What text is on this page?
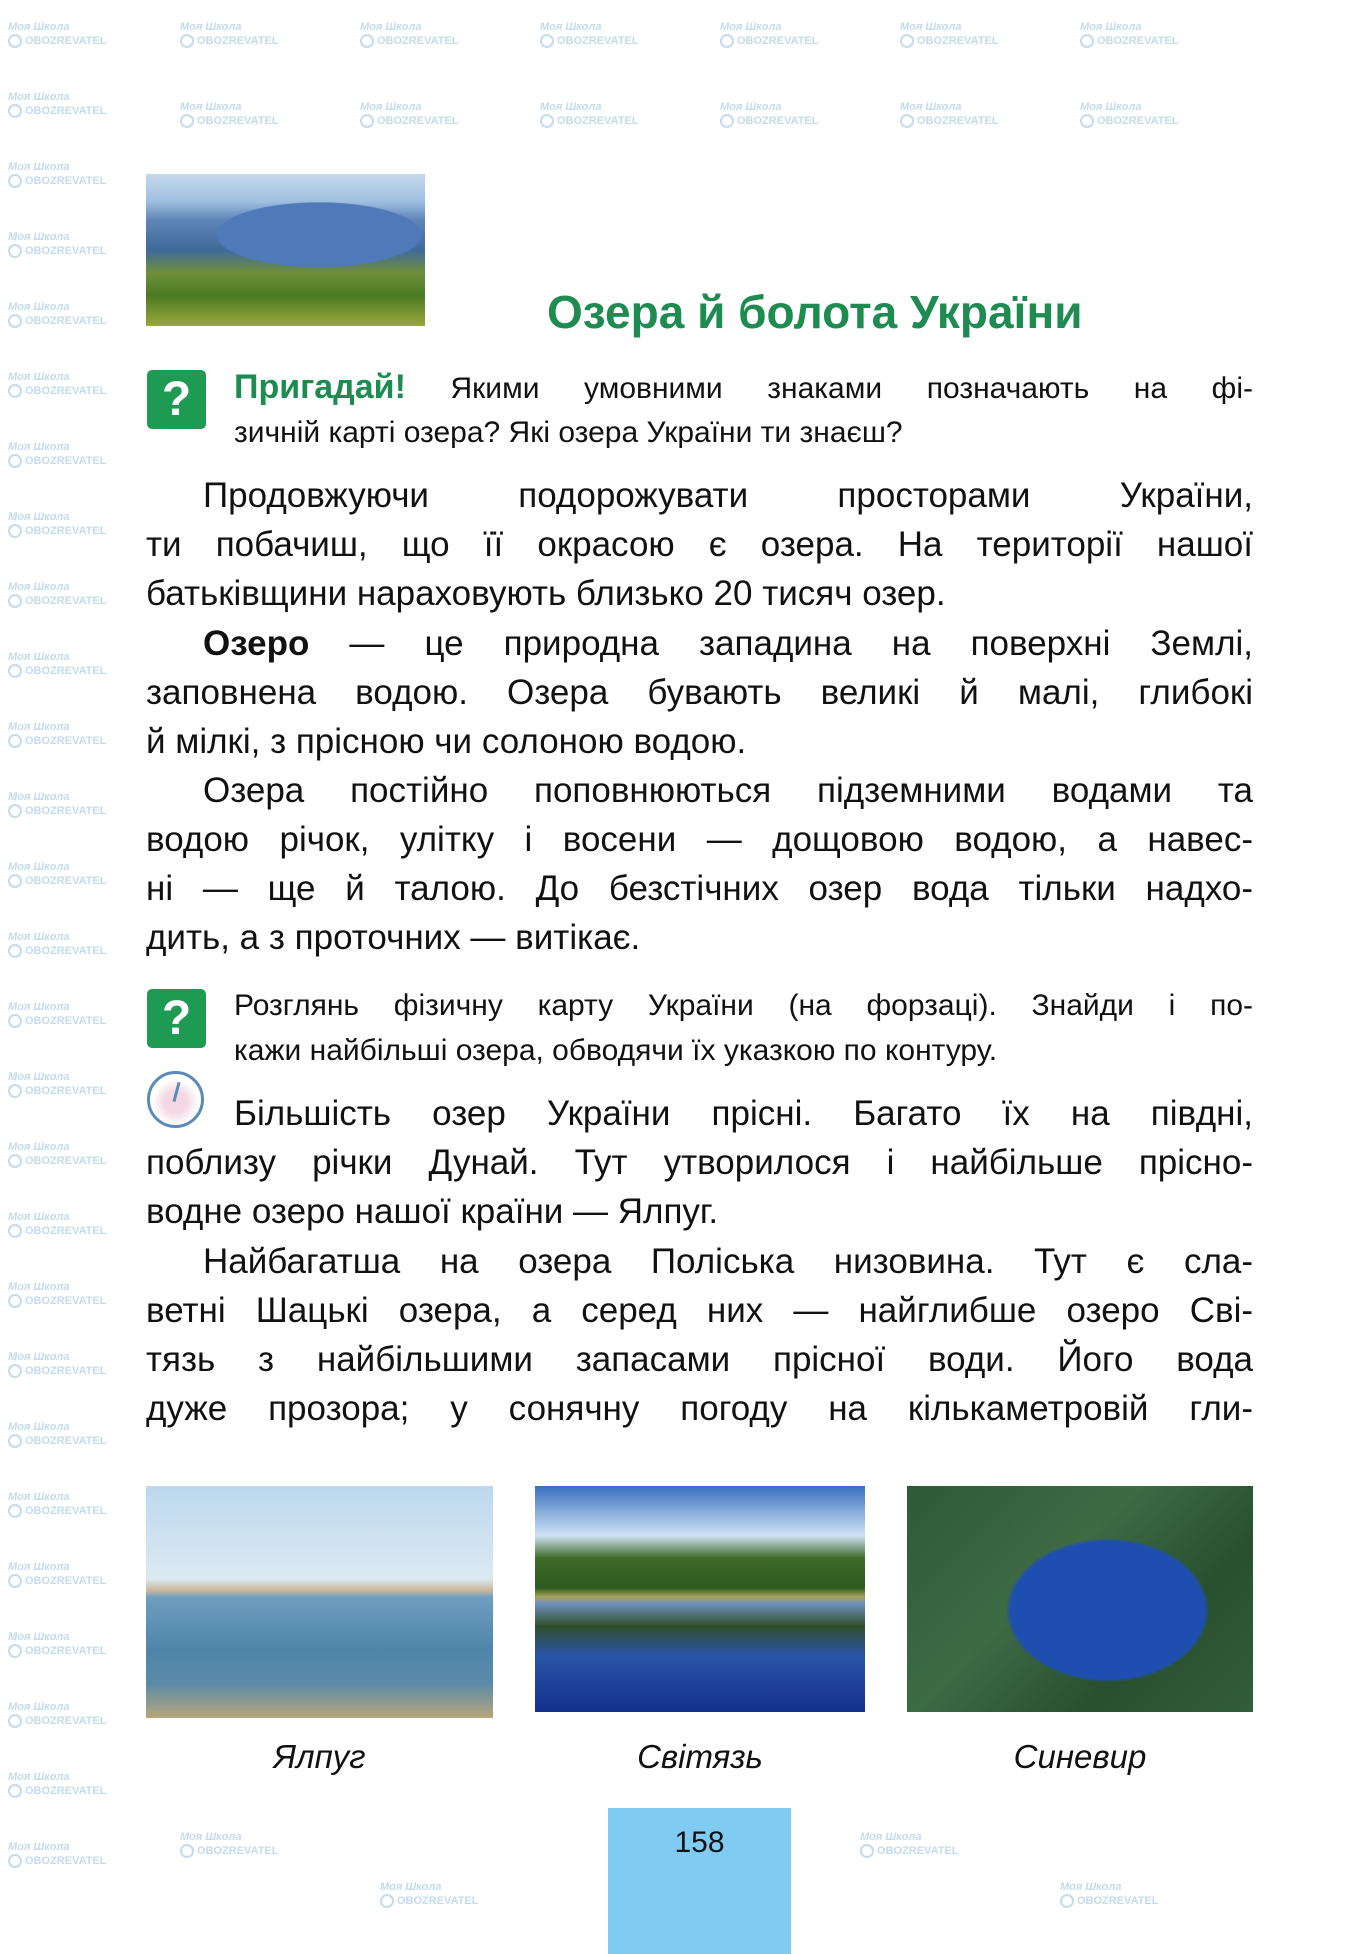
Моя Школа
OBOZREVATEL
Моя Школа
OBOZREVATEL
Моя Школа
OBOZREVATEL
Моя Школа
OBOZREVATEL
Моя Школа
OBOZREVATEL
Моя Школа
OBOZREVATEL
Моя Школа
OBOZREVATEL
Моя Школа
OBOZREVATEL
Моя Школа
OBOZREVATEL
Моя Школа
OBOZREVATEL
Моя Школа
OBOZREVATEL
Моя Школа
OBOZREVATEL
Моя Школа
OBOZREVATEL
Моя Школа
OBOZREVATEL
Моя Школа
OBOZREVATEL
Моя Школа
OBOZREVATEL
Моя Школа
OBOZREVATEL
Моя Школа
OBOZREVATEL
Моя Школа
OBOZREVATEL
Моя Школа
OBOZREVATEL
Моя Школа
OBOZREVATEL
Моя Школа
OBOZREVATEL
Моя Школа
OBOZREVATEL
Моя Школа
OBOZREVATEL
Моя Школа
OBOZREVATEL
Моя Школа
OBOZREVATEL
Моя Школа
OBOZREVATEL
Моя Школа
OBOZREVATEL
Моя Школа
OBOZREVATEL
Моя Школа
OBOZREVATEL
Моя Школа
OBOZREVATEL
Моя Школа
OBOZREVATEL
Моя Школа
OBOZREVATEL
Моя Школа
OBOZREVATEL
Моя Школа
OBOZREVATEL
Моя Школа
OBOZREVATEL
Моя Школа
OBOZREVATEL
Моя Школа
OBOZREVATEL
Моя Школа
OBOZREVATEL
Моя Школа
OBOZREVATEL
Моя Школа
OBOZREVATEL
Моя Школа
OBOZREVATEL
Моя Школа
OBOZREVATEL
Озера й болота України
?	Пригадай! Якими умовними знаками позначають на фі-
зичній карті озера? Які озера України ти знаєш?
Продовжуючи подорожувати просторами України,
ти побачиш, що її окрасою є озера. На території нашої
батьківщини нараховують близько 20 тисяч озер.
Озеро — це природна западина на поверхні Землі,
заповнена водою. Озера бувають великі й малі, глибокі
й мілкі, з прісною чи солоною водою.
Озера постійно поповнюються підземними водами та
водою річок, улітку і восени — дощовою водою, а навес-
ні — ще й талою. До безстічних озер вода тільки надхо-
дить, а з проточних — витікає.
?	Розглянь фізичну карту України (на форзаці). Знайди і по-
кажи найбільші озера, обводячи їх указкою по контуру.
Більшість озер України прісні. Багато їх на півдні,
поблизу річки Дунай. Тут утворилося і найбільше прісно-
водне озеро нашої країни — Ялпуг.
Найбагатша на озера Поліська низовина. Тут є сла-
ветні Шацькі озера, а серед них — найглибше озеро Сві-
тязь з найбільшими запасами прісної води. Його вода
дуже прозора; у сонячну погоду на кількаметровій гли-
Ялпуг	Світязь	Синевир
158
